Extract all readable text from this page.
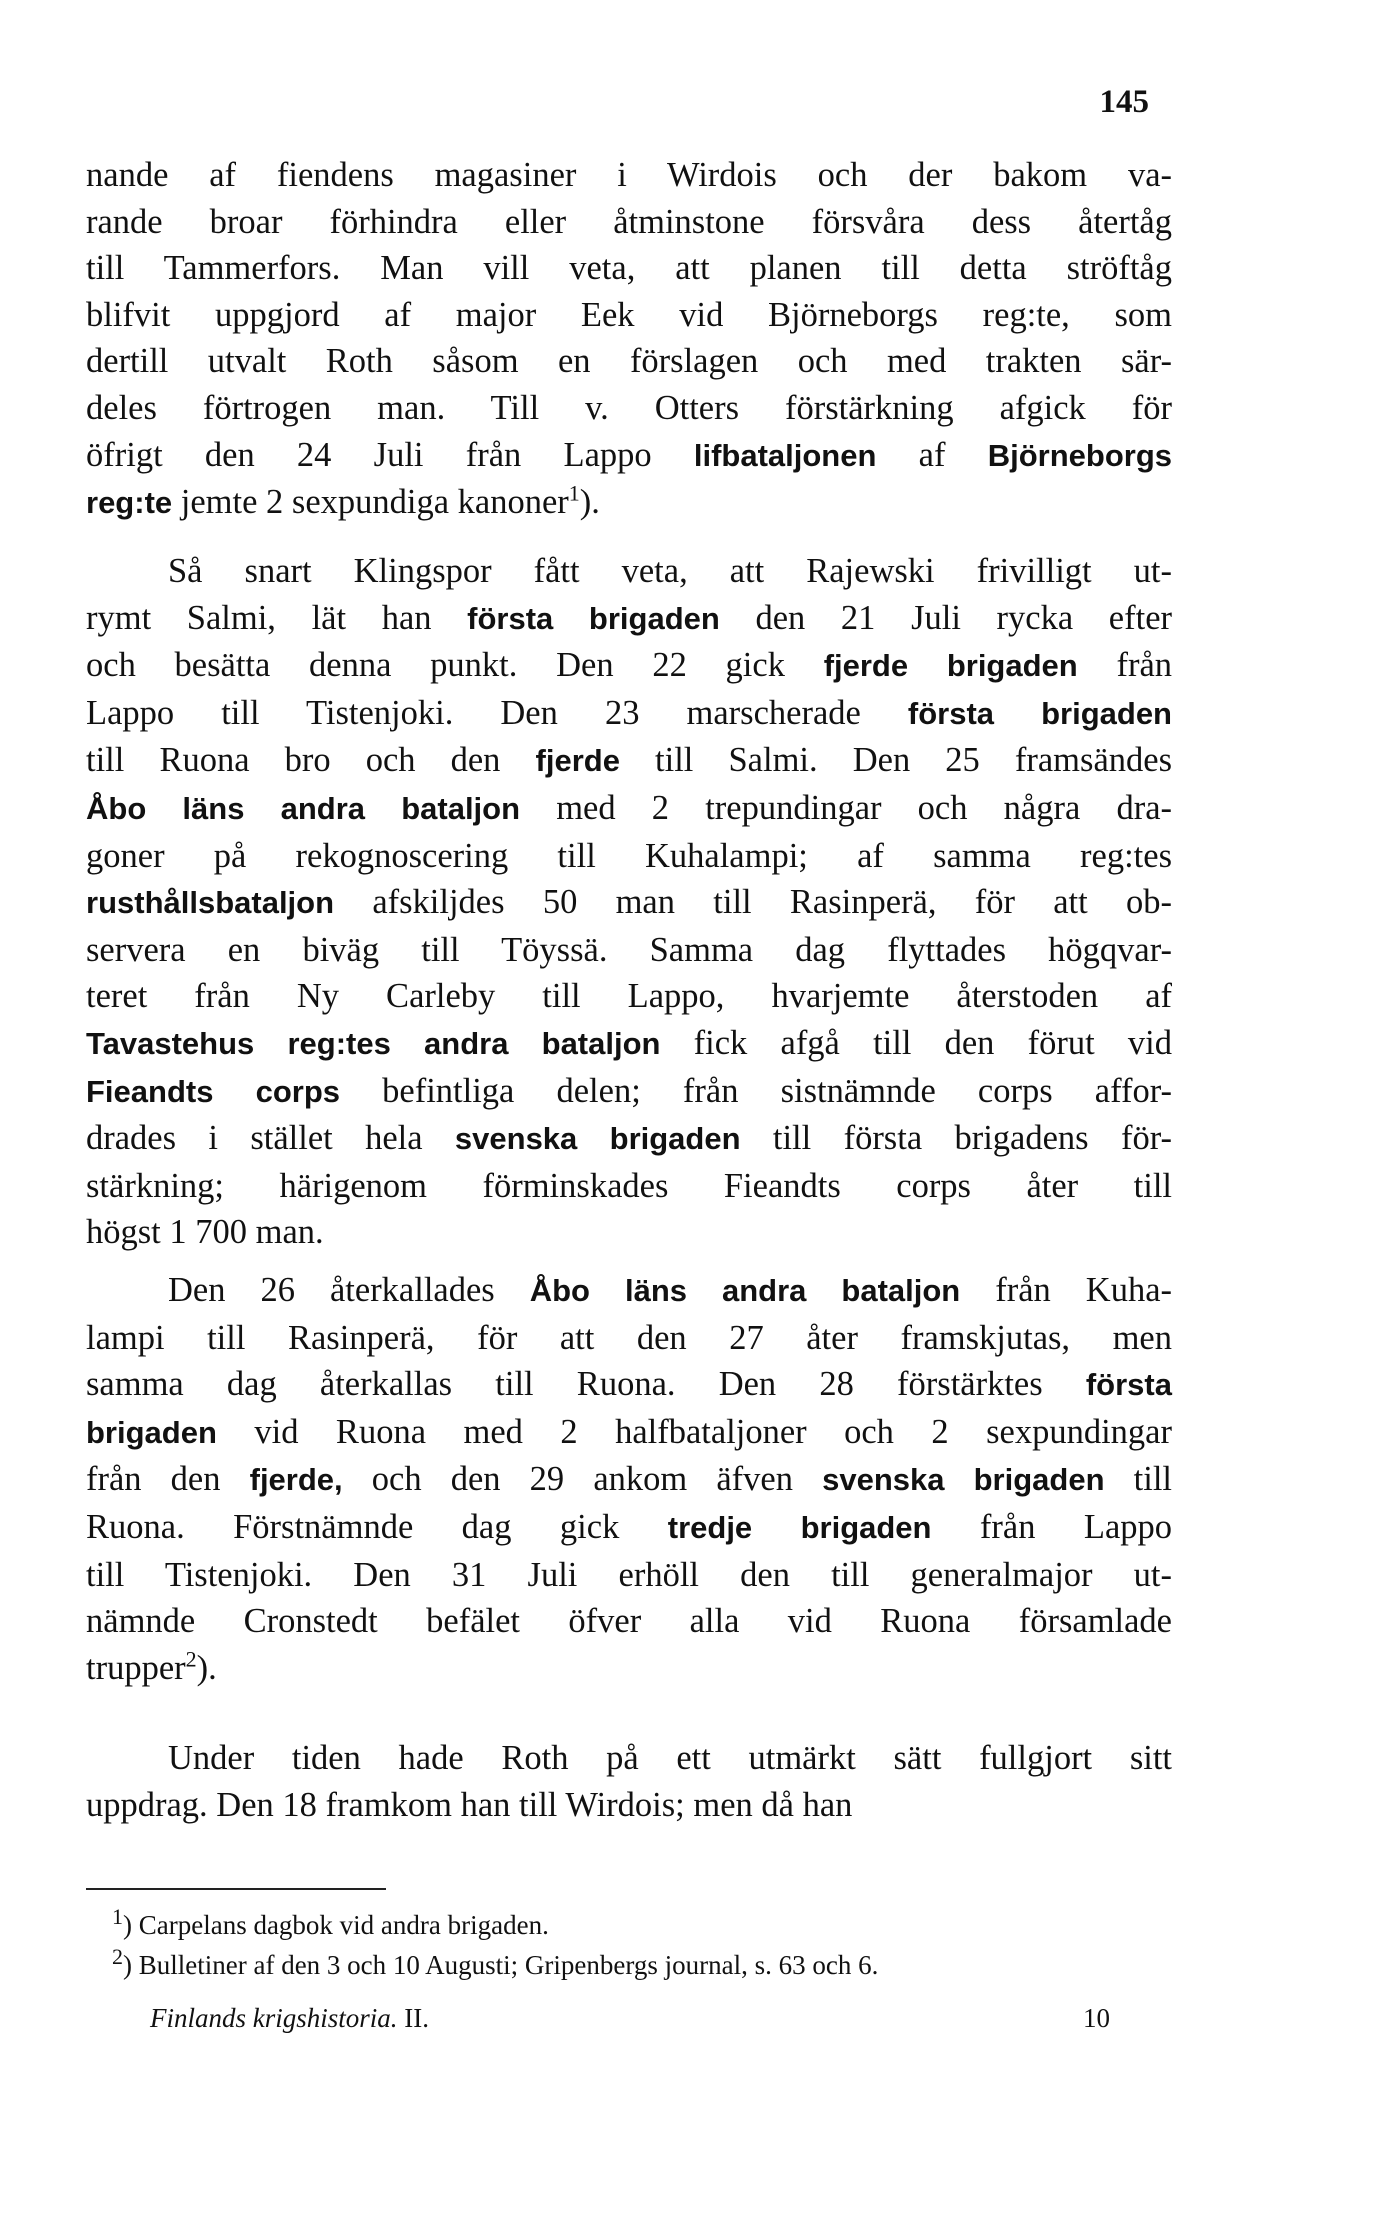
145
nande af fiendens magasiner i Wirdois och der bakom va-
rande broar förhindra eller åtminstone försvåra dess återtåg
till Tammerfors. Man vill veta, att planen till detta ströftåg
blifvit uppgjord af major Eek vid Björneborgs reg:te, som
dertill utvalt Roth såsom en förslagen och med trakten sär-
deles förtrogen man. Till v. Otters förstärkning afgick för
öfrigt den 24 Juli från Lappo lifbataljonen af Björneborgs
reg:te jemte 2 sexpundiga kanoner$^1$).
Så snart Klingspor fått veta, att Rajewski frivilligt ut-
rymt Salmi, lät han första brigaden den 21 Juli rycka efter
och besätta denna punkt. Den 22 gick fjerde brigaden från
Lappo till Tistenjoki. Den 23 marscherade första brigaden
till Ruona bro och den fjerde till Salmi. Den 25 framsändes
Åbo läns andra bataljon med 2 trepundingar och några dra-
goner på rekognoscering till Kuhalampi; af samma reg:tes
rusthållsbataljon afskiljdes 50 man till Rasinperä, för att ob-
servera en biväg till Töyssä. Samma dag flyttades högqvar-
teret från Ny Carleby till Lappo, hvarjemte återstoden af
Tavastehus reg:tes andra bataljon fick afgå till den förut vid
Fieandts corps befintliga delen; från sistnämnde corps affor-
drades i stället hela svenska brigaden till första brigadens för-
stärkning; härigenom förminskades Fieandts corps åter till
högst 1 700 man.
Den 26 återkallades Åbo läns andra bataljon från Kuha-
lampi till Rasinperä, för att den 27 åter framskjutas, men
samma dag återkallas till Ruona. Den 28 förstärktes första
brigaden vid Ruona med 2 halfbataljoner och 2 sexpundingar
från den fjerde, och den 29 ankom äfven svenska brigaden till
Ruona. Förstnämnde dag gick tredje brigaden från Lappo
till Tistenjoki. Den 31 Juli erhöll den till generalmajor ut-
nämnde Cronstedt befälet öfver alla vid Ruona församlade
trupper$^2$).
Under tiden hade Roth på ett utmärkt sätt fullgjort sitt
uppdrag. Den 18 framkom han till Wirdois; men då han
$^1$) Carpelans dagbok vid andra brigaden.
$^2$) Bulletiner af den 3 och 10 Augusti; Gripenbergs journal, s. 63 och 6.
Finlands krigshistoria. II.	10
